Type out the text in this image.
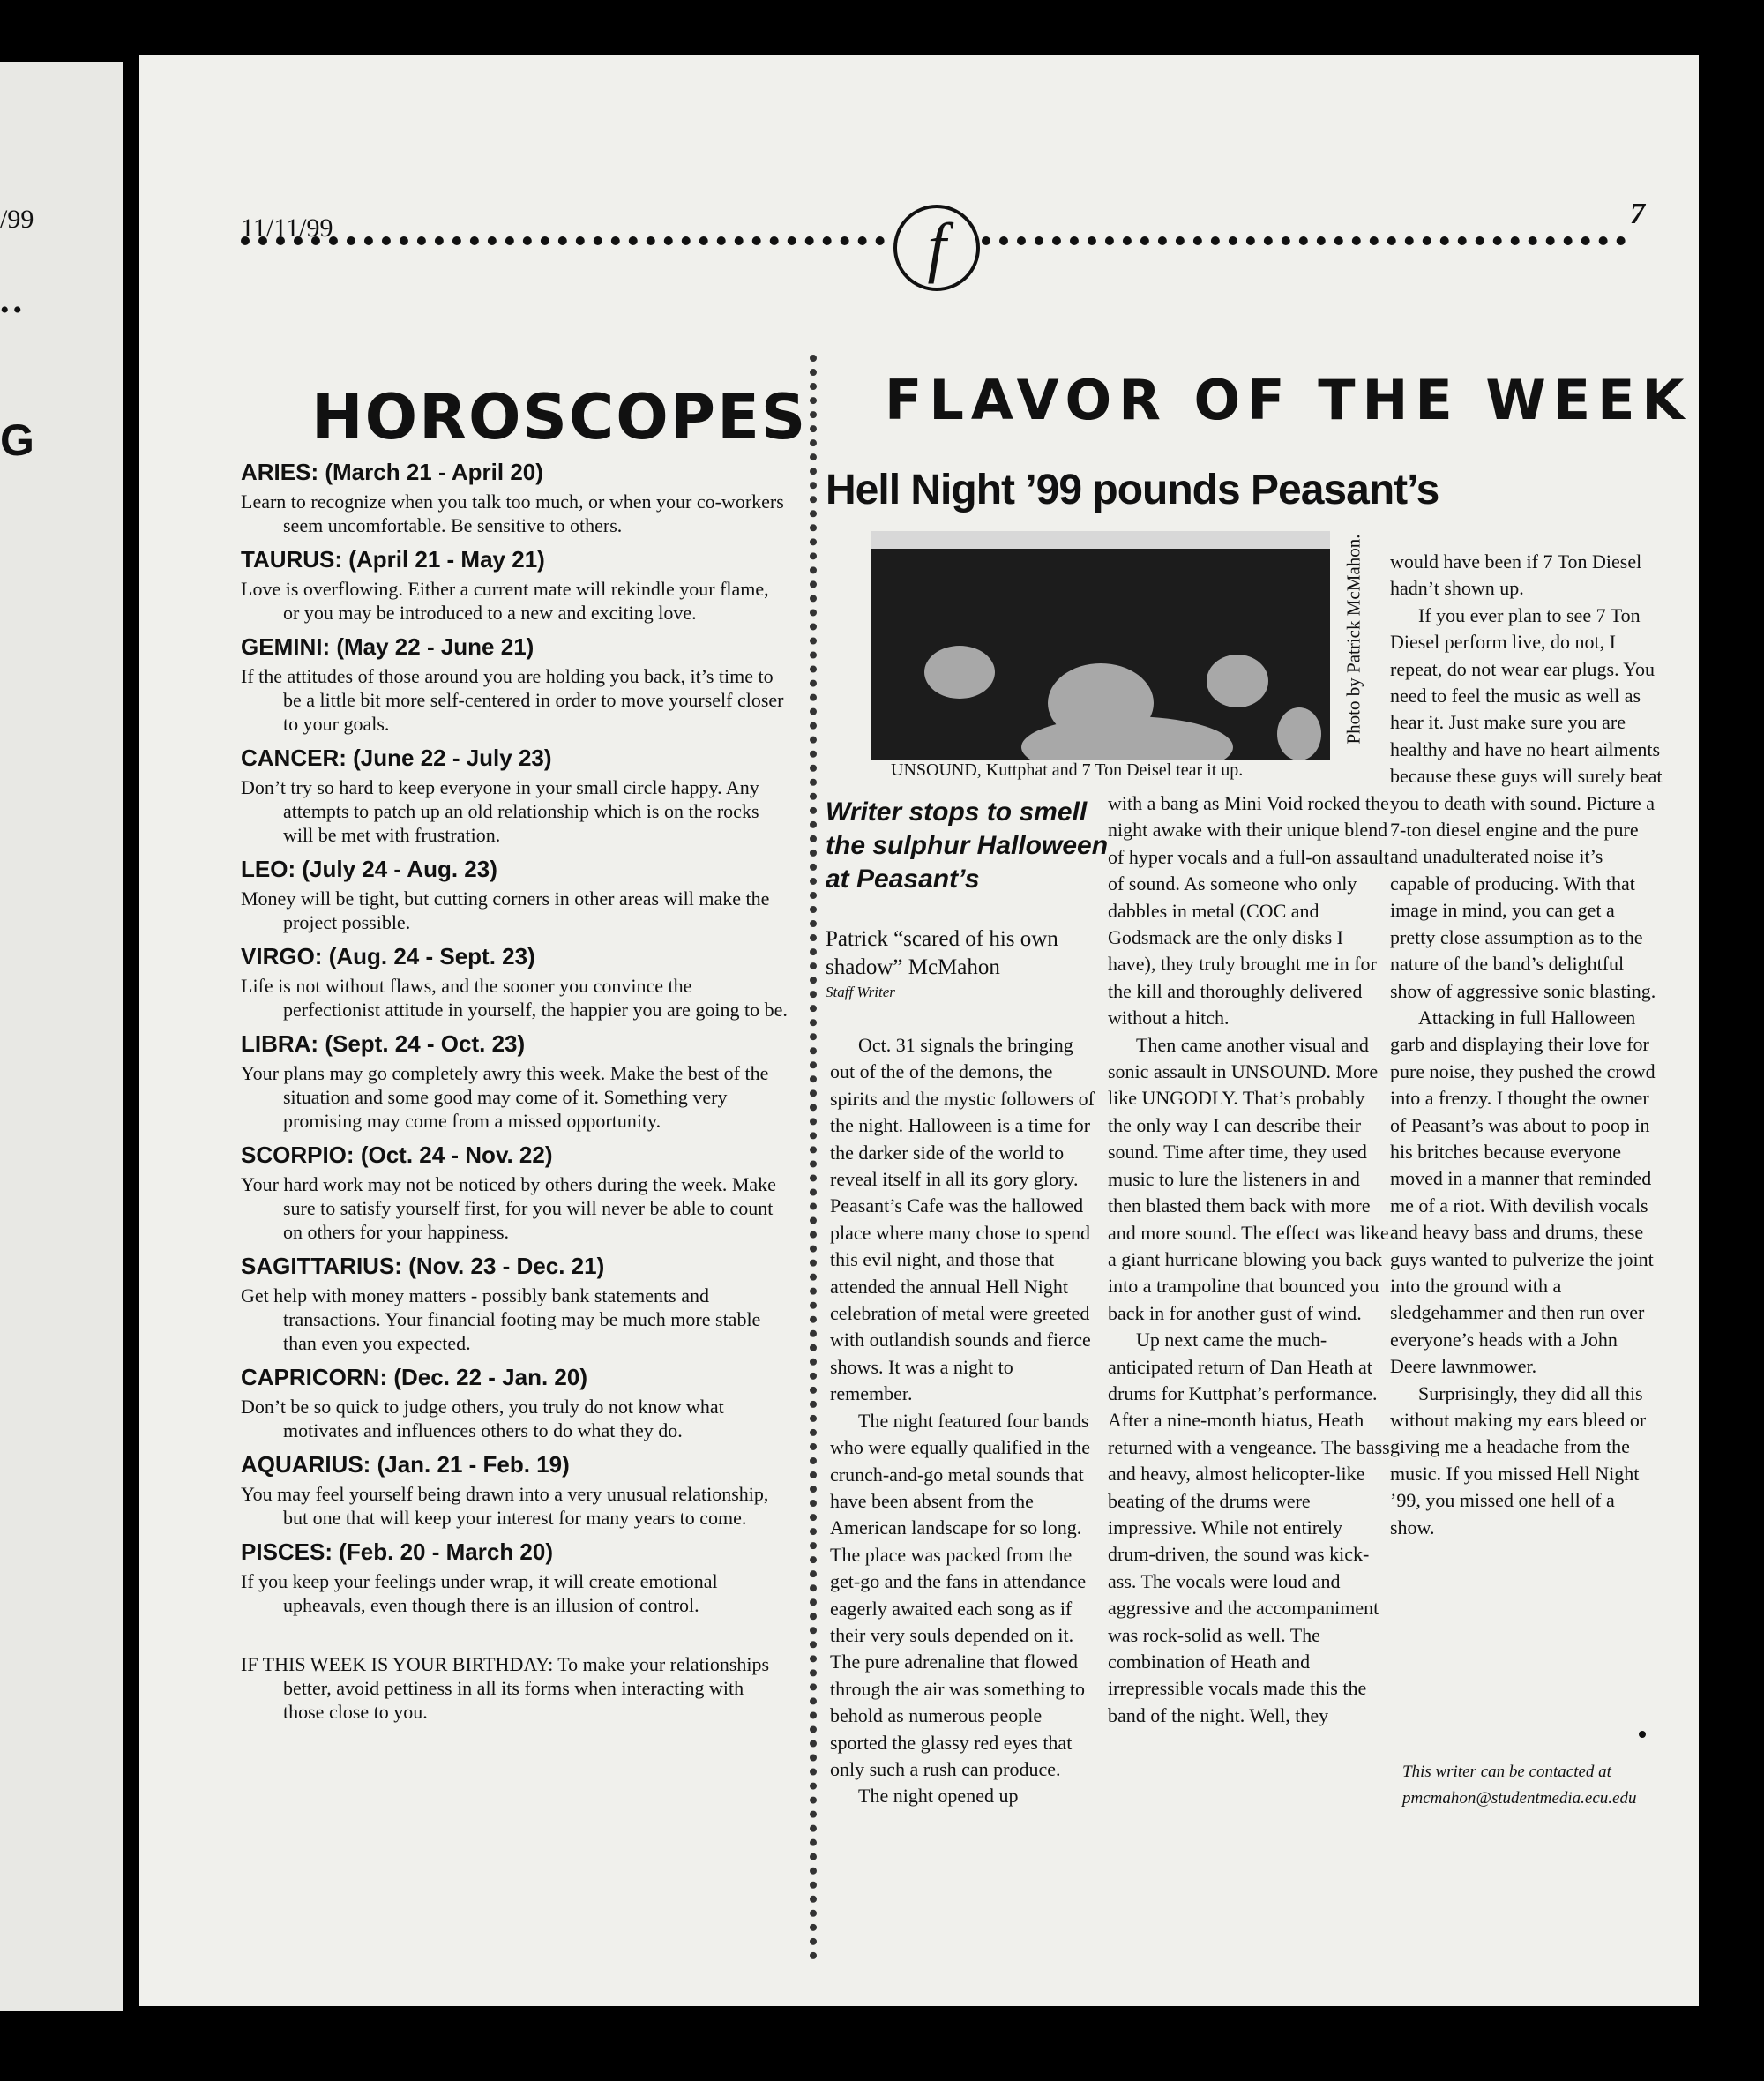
/99
••
G
11/11/99	7
f
HOROSCOPES
ARIES: (March 21 - April 20)

Learn to recognize when you talk too much, or when your co-workers seem uncomfortable. Be sensitive to others.

TAURUS: (April 21 - May 21)

Love is overflowing. Either a current mate will rekindle your flame, or you may be introduced to a new and exciting love.

GEMINI: (May 22 - June 21)

If the attitudes of those around you are holding you back, it’s time to be a little bit more self-centered in order to move yourself closer to your goals.

CANCER: (June 22 - July 23)

Don’t try so hard to keep everyone in your small circle happy. Any attempts to patch up an old relationship which is on the rocks will be met with frustration.

LEO: (July 24 - Aug. 23)

Money will be tight, but cutting corners in other areas will make the project possible.

VIRGO: (Aug. 24 - Sept. 23)

Life is not without flaws, and the sooner you convince the perfectionist attitude in yourself, the happier you are going to be.

LIBRA: (Sept. 24 - Oct. 23)

Your plans may go completely awry this week. Make the best of the situation and some good may come of it. Something very promising may come from a missed opportunity.

SCORPIO: (Oct. 24 - Nov. 22)

Your hard work may not be noticed by others during the week. Make sure to satisfy yourself first, for you will never be able to count on others for your happiness.

SAGITTARIUS: (Nov. 23 - Dec. 21)

Get help with money matters - possibly bank statements and transactions. Your financial footing may be much more stable than even you expected.

CAPRICORN: (Dec. 22 - Jan. 20)

Don’t be so quick to judge others, you truly do not know what motivates and influences others to do what they do.

AQUARIUS: (Jan. 21 - Feb. 19)

You may feel yourself being drawn into a very unusual relationship, but one that will keep your interest for many years to come.

PISCES: (Feb. 20 - March 20)

If you keep your feelings under wrap, it will create emotional upheavals, even though there is an illusion of control.

IF THIS WEEK IS YOUR BIRTHDAY: To make your relationships better, avoid pettiness in all its forms when interacting with those close to you.

FLAVOR OF THE WEEK
Hell Night ’99 pounds Peasant’s
Photo by Patrick McMahon.
UNSOUND, Kuttphat and 7 Ton Deisel tear it up.
Writer stops to smell the sulphur Halloween at Peasant’s
Patrick “scared of his own shadow” McMahon
Staff Writer

Oct. 31 signals the bringing out of the of the demons, the spirits and the mystic followers of the night. Halloween is a time for the darker side of the world to reveal itself in all its gory glory. Peasant’s Cafe was the hallowed place where many chose to spend this evil night, and those that attended the annual Hell Night celebration of metal were greeted with outlandish sounds and fierce shows. It was a night to remember.

The night featured four bands who were equally qualified in the crunch-and-go metal sounds that have been absent from the American landscape for so long. The place was packed from the get-go and the fans in attendance eagerly awaited each song as if their very souls depended on it. The pure adrenaline that flowed through the air was something to behold as numerous people sported the glassy red eyes that only such a rush can produce.

The night opened up

with a bang as Mini Void rocked the night awake with their unique blend of hyper vocals and a full-on assault of sound. As someone who only dabbles in metal (COC and Godsmack are the only disks I have), they truly brought me in for the kill and thoroughly delivered without a hitch.

Then came another visual and sonic assault in UNSOUND. More like UNGODLY. That’s probably the only way I can describe their sound. Time after time, they used music to lure the listeners in and then blasted them back with more and more sound. The effect was like a giant hurricane blowing you back into a trampoline that bounced you back in for another gust of wind.

Up next came the much-anticipated return of Dan Heath at drums for Kuttphat’s performance. After a nine-month hiatus, Heath returned with a vengeance. The bass and heavy, almost helicopter-like beating of the drums were impressive. While not entirely drum-driven, the sound was kick-ass. The vocals were loud and aggressive and the accompaniment was rock-solid as well. The combination of Heath and irrepressible vocals made this the band of the night. Well, they

would have been if 7 Ton Diesel hadn’t shown up.

If you ever plan to see 7 Ton Diesel perform live, do not, I repeat, do not wear ear plugs. You need to feel the music as well as hear it. Just make sure you are healthy and have no heart ailments because these guys will surely beat you to death with sound. Picture a 7-ton diesel engine and the pure and unadulterated noise it’s capable of producing. With that image in mind, you can get a pretty close assumption as to the nature of the band’s delightful show of aggressive sonic blasting.

Attacking in full Halloween garb and displaying their love for pure noise, they pushed the crowd into a frenzy. I thought the owner of Peasant’s was about to poop in his britches because everyone moved in a manner that reminded me of a riot. With devilish vocals and heavy bass and drums, these guys wanted to pulverize the joint into the ground with a sledgehammer and then run over everyone’s heads with a John Deere lawnmower.

Surprisingly, they did all this without making my ears bleed or giving me a headache from the music. If you missed Hell Night ’99, you missed one hell of a show.

This writer can be contacted at pmcmahon@studentmedia.ecu.edu
